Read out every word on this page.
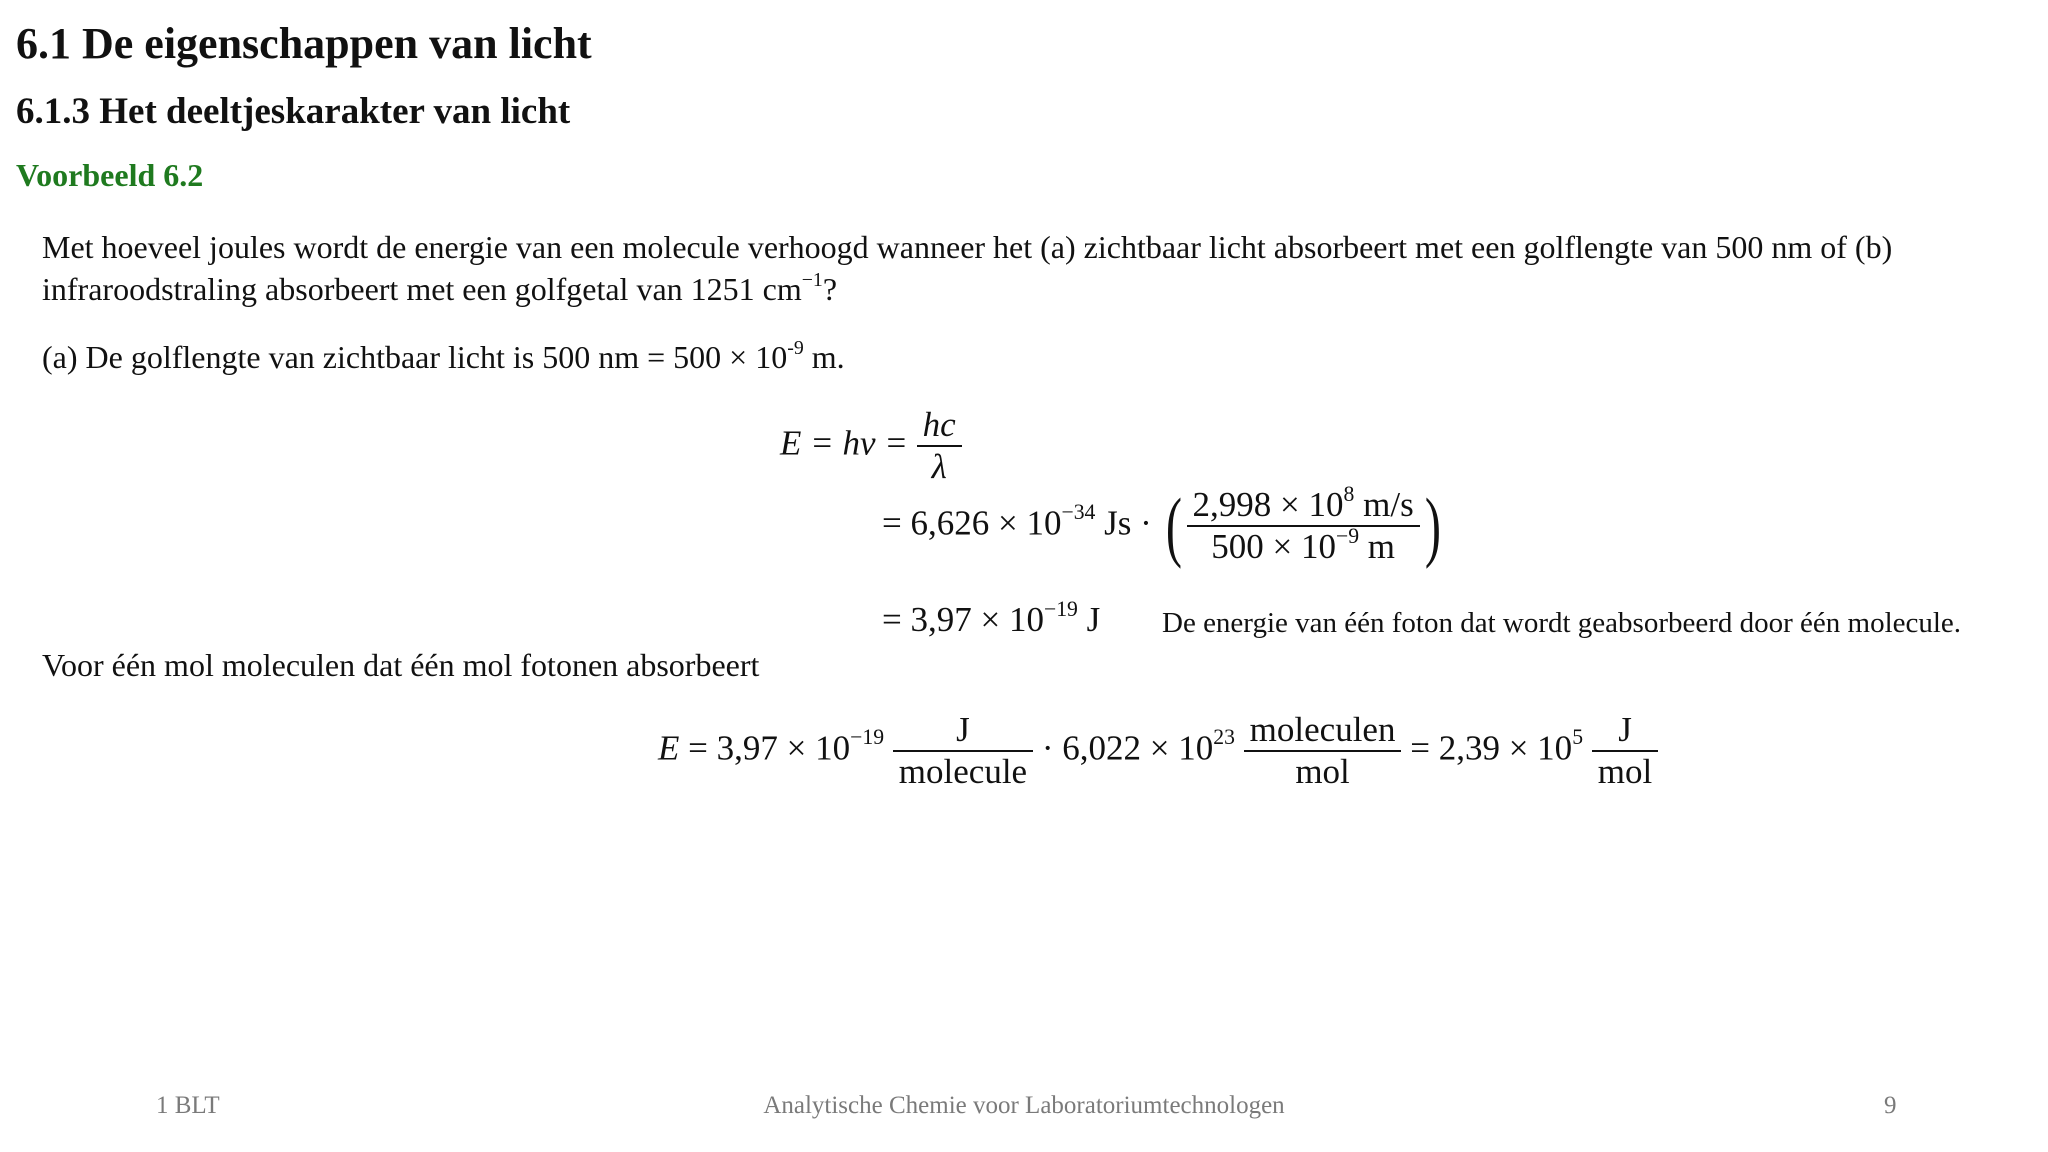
6.1 De eigenschappen van licht
6.1.3 Het deeltjeskarakter van licht
Voorbeeld 6.2
Met hoeveel joules wordt de energie van een molecule verhoogd wanneer het (a) zichtbaar licht absorbeert met een golflengte van 500 nm of (b) infraroodstraling absorbeert met een golfgetal van 1251 $cm^{-1}$?
(a) De golflengte van zichtbaar licht is 500 nm = $500 \times 10^{-9}$ m.
$E = h\nu = \frac{hc}{\lambda}$
= $6,626 \times 10^{-34}$ Js · ( $\frac{2,998 \times 10^8 m/s}{500 \times 10^{-9} m}$ )
= $3,97 \times 10^{-19}$ J De energie van één foton dat wordt geabsorbeerd door één molecule.
Voor één mol moleculen dat één mol fotonen absorbeert
$E = 3,97 \times 10^{-19} \frac{J}{\text{molecule}} \cdot 6,022 \times 10^{23} \frac{\text{moleculen}}{\text{mol}} = 2,39 \times 10^5 \frac{J}{\text{mol}}$
1 BLT	Analytische Chemie voor Laboratoriumtechnologen	9
